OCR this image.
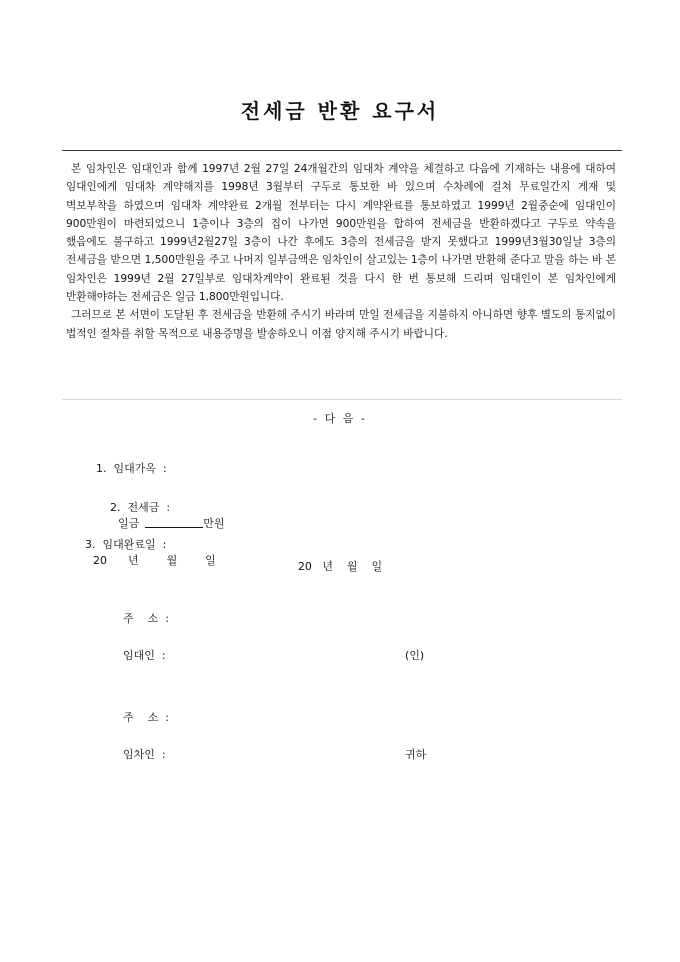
전세금 반환 요구서

본 임차인은 임대인과 함께 1997년 2월 27일 24개월간의 임대차 계약을 체결하고 다음에 기재하는 내용에 대하여 임대인에게 임대차 계약해지를 1998년 3월부터 구두로 통보한 바 있으며 수차례에 걸쳐 무료일간지 게재 및 벽보부착을 하였으며 임대차 계약완료 2개월 전부터는 다시 계약완료를 통보하였고 1999년 2월중순에 임대인이 900만원이 마련되었으니 1층이나 3층의 집이 나가면 900만원을 합하여 전세금을 반환하겠다고 구두로 약속을 했음에도 불구하고 1999년2월27일 3층이 나간 후에도 3층의 전세금을 받지 못했다고 1999년3월30일날 3층의 전세금을 받으면 1,500만원을 주고 나머지 일부금액은 임차인이 살고있는 1층이 나가면 반환해 준다고 말을 하는 바 본 임차인은 1999년 2월 27일부로 임대차계약이 완료된 것을 다시 한 번 통보해 드리며 임대인이 본 임차인에게 반환해야하는 전세금은 일금 1,800만원입니다.

그러므로 본 서면이 도달된 후 전세금을 반환해 주시기 바라며 만일 전세금을 지불하지 아니하면 향후 별도의 통지없이 법적인 절차를 취할 목적으로 내용증명을 발송하오니 이점 양지해 주시기 바랍니다.

- 다 음 -

1.  임대가옥  :

2.  전세금  :
일금	만원

3.  임대완료일  :
20      년        월        일	20   년    월    일

주    소  :

임대인  :	(인)

주    소  :

임차인  :	귀하
